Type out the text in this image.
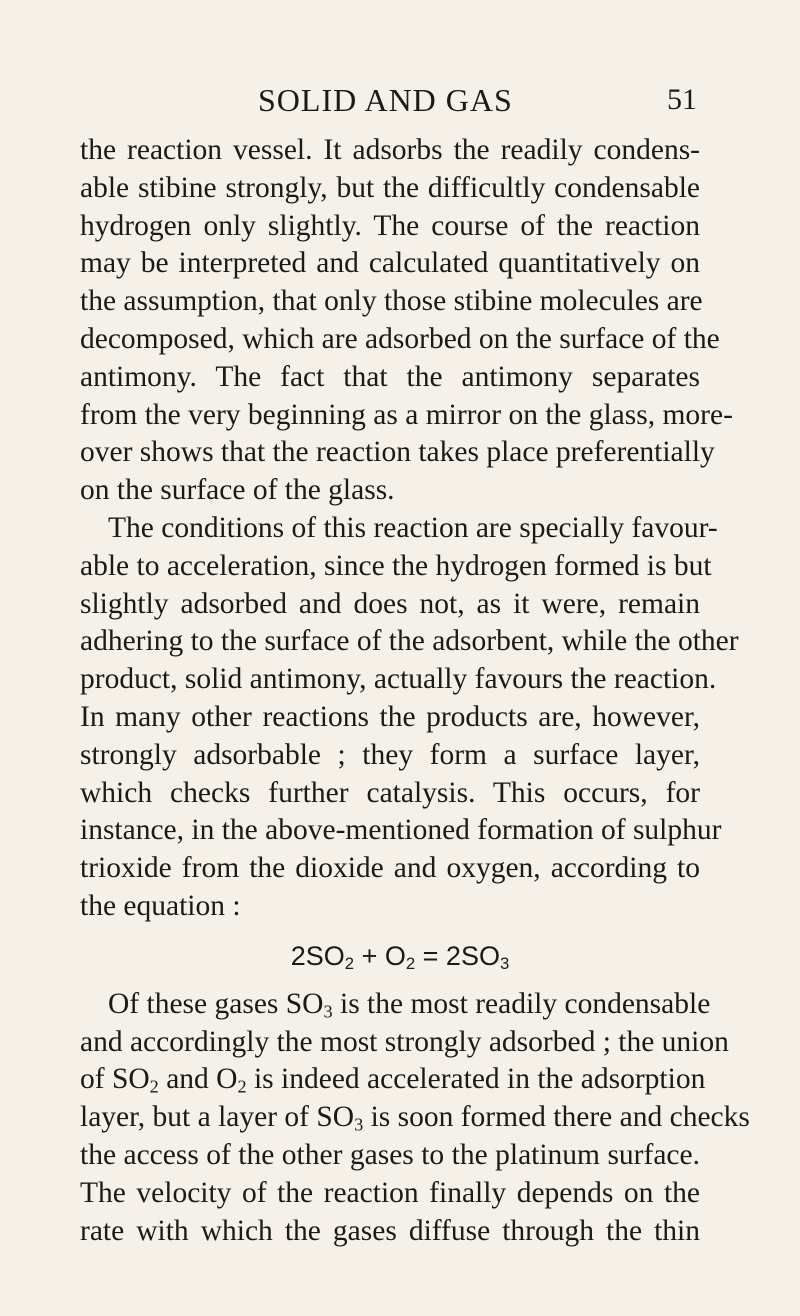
SOLID AND GAS	51
the reaction vessel. It adsorbs the readily condens-
able stibine strongly, but the difficultly condensable
hydrogen only slightly. The course of the reaction
may be interpreted and calculated quantitatively on
the assumption, that only those stibine molecules are
decomposed, which are adsorbed on the surface of the
antimony. The fact that the antimony separates
from the very beginning as a mirror on the glass, more-
over shows that the reaction takes place preferentially
on the surface of the glass.
The conditions of this reaction are specially favour-
able to acceleration, since the hydrogen formed is but
slightly adsorbed and does not, as it were, remain
adhering to the surface of the adsorbent, while the other
product, solid antimony, actually favours the reaction.
In many other reactions the products are, however,
strongly adsorbable ; they form a surface layer,
which checks further catalysis. This occurs, for
instance, in the above-mentioned formation of sulphur
trioxide from the dioxide and oxygen, according to
the equation :
$2SO_2 + O_2 = 2SO_3$
Of these gases $SO_3$ is the most readily condensable
and accordingly the most strongly adsorbed ; the union
of $SO_2$ and $O_2$ is indeed accelerated in the adsorption
layer, but a layer of $SO_3$ is soon formed there and checks
the access of the other gases to the platinum surface.
The velocity of the reaction finally depends on the
rate with which the gases diffuse through the thin
